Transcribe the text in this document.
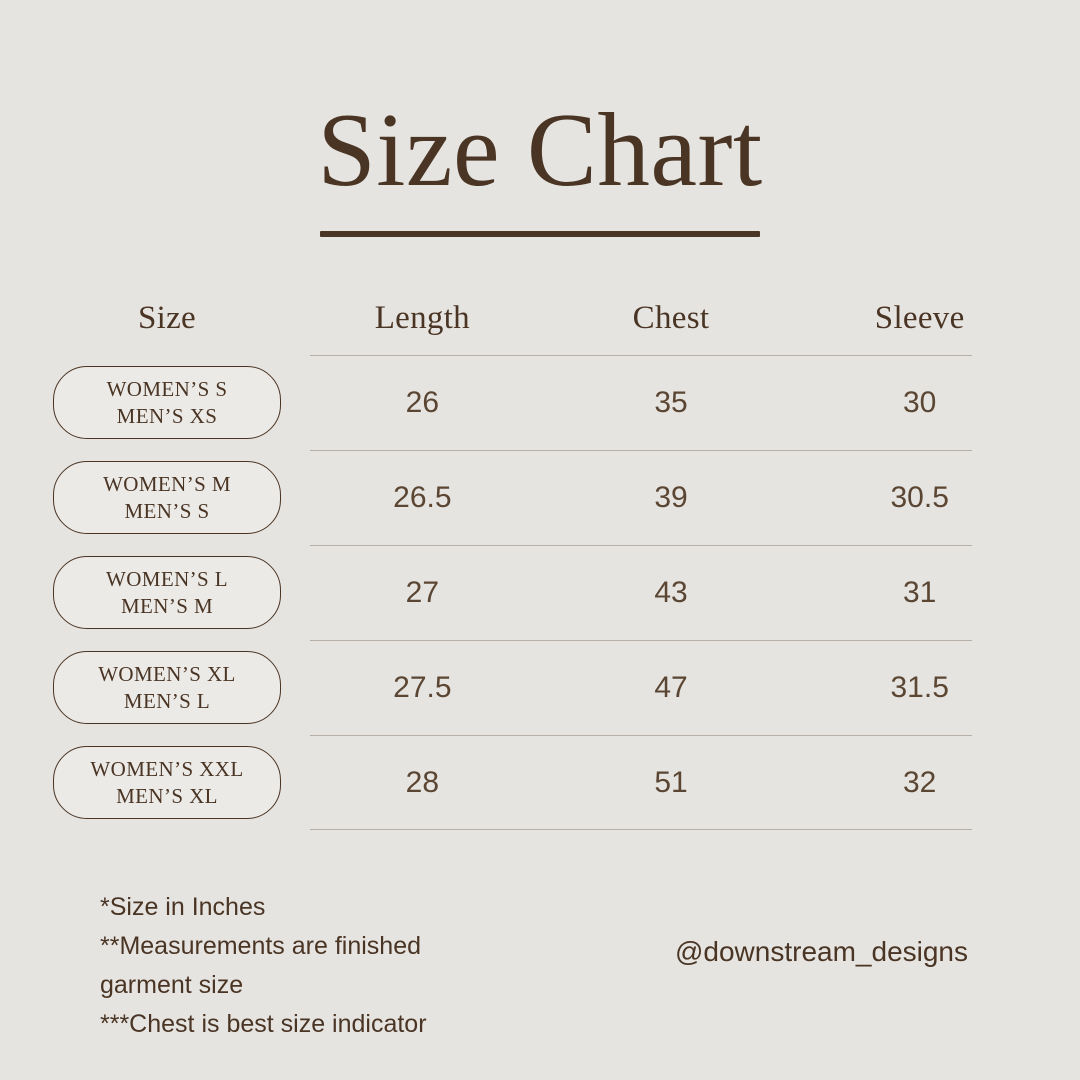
Size Chart
Size	Length	Chest	Sleeve
WOMEN’S S
MEN’S XS	26	35	30
WOMEN’S M
MEN’S S	26.5	39	30.5
WOMEN’S L
MEN’S M	27	43	31
WOMEN’S XL
MEN’S L	27.5	47	31.5
WOMEN’S XXL
MEN’S XL	28	51	32
*Size in Inches
**Measurements are finished
garment size
***Chest is best size indicator
@downstream_designs
